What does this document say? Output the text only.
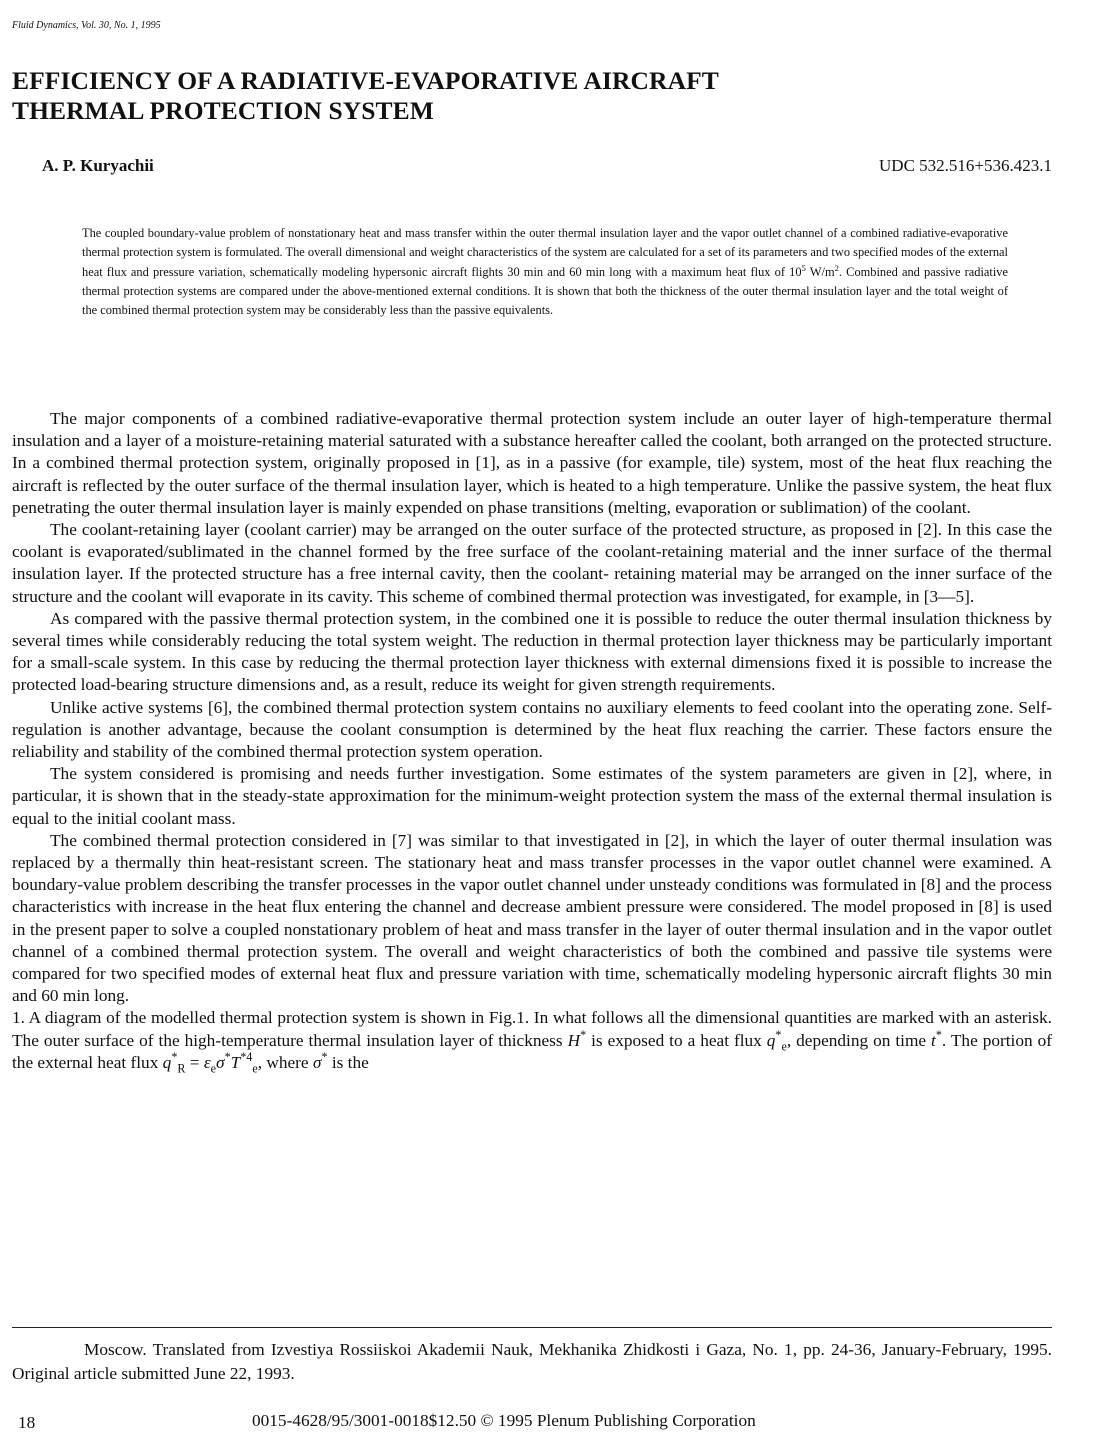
Fluid Dynamics, Vol. 30, No. 1, 1995
EFFICIENCY OF A RADIATIVE-EVAPORATIVE AIRCRAFT
THERMAL PROTECTION SYSTEM
A. P. Kuryachii	UDC 532.516+536.423.1

The coupled boundary-value problem of nonstationary heat and mass transfer within the outer thermal insulation layer and the vapor outlet channel of a combined radiative-evaporative thermal protection system is formulated. The overall dimensional and weight characteristics of the system are calculated for a set of its parameters and two specified modes of the external heat flux and pressure variation, schematically modeling hypersonic aircraft flights 30 min and 60 min long with a maximum heat flux of $10^5$ $W/m^2$. Combined and passive radiative thermal protection systems are compared under the above-mentioned external conditions. It is shown that both the thickness of the outer thermal insulation layer and the total weight of the combined thermal protection system may be considerably less than the passive equivalents.

The major components of a combined radiative-evaporative thermal protection system include an outer layer of high-temperature thermal insulation and a layer of a moisture-retaining material saturated with a substance hereafter called the coolant, both arranged on the protected structure. In a combined thermal protection system, originally proposed in [1], as in a passive (for example, tile) system, most of the heat flux reaching the aircraft is reflected by the outer surface of the thermal insulation layer, which is heated to a high temperature. Unlike the passive system, the heat flux penetrating the outer thermal insulation layer is mainly expended on phase transitions (melting, evaporation or sublimation) of the coolant.

The coolant-retaining layer (coolant carrier) may be arranged on the outer surface of the protected structure, as proposed in [2]. In this case the coolant is evaporated/sublimated in the channel formed by the free surface of the coolant-retaining material and the inner surface of the thermal insulation layer. If the protected structure has a free internal cavity, then the coolant- retaining material may be arranged on the inner surface of the structure and the coolant will evaporate in its cavity. This scheme of combined thermal protection was investigated, for example, in [3—5].

As compared with the passive thermal protection system, in the combined one it is possible to reduce the outer thermal insulation thickness by several times while considerably reducing the total system weight. The reduction in thermal protection layer thickness may be particularly important for a small-scale system. In this case by reducing the thermal protection layer thickness with external dimensions fixed it is possible to increase the protected load-bearing structure dimensions and, as a result, reduce its weight for given strength requirements.

Unlike active systems [6], the combined thermal protection system contains no auxiliary elements to feed coolant into the operating zone. Self-regulation is another advantage, because the coolant consumption is determined by the heat flux reaching the carrier. These factors ensure the reliability and stability of the combined thermal protection system operation.

The system considered is promising and needs further investigation. Some estimates of the system parameters are given in [2], where, in particular, it is shown that in the steady-state approximation for the minimum-weight protection system the mass of the external thermal insulation is equal to the initial coolant mass.

The combined thermal protection considered in [7] was similar to that investigated in [2], in which the layer of outer thermal insulation was replaced by a thermally thin heat-resistant screen. The stationary heat and mass transfer processes in the vapor outlet channel were examined. A boundary-value problem describing the transfer processes in the vapor outlet channel under unsteady conditions was formulated in [8] and the process characteristics with increase in the heat flux entering the channel and decrease ambient pressure were considered. The model proposed in [8] is used in the present paper to solve a coupled nonstationary problem of heat and mass transfer in the layer of outer thermal insulation and in the vapor outlet channel of a combined thermal protection system. The overall and weight characteristics of both the combined and passive tile systems were compared for two specified modes of external heat flux and pressure variation with time, schematically modeling hypersonic aircraft flights 30 min and 60 min long.

1. A diagram of the modelled thermal protection system is shown in Fig.1. In what follows all the dimensional quantities are marked with an asterisk. The outer surface of the high-temperature thermal insulation layer of thickness H* is exposed to a heat flux $q^*_e$, depending on time t*. The portion of the external heat flux $q^*_R = \varepsilon_e\sigma^*T^{*4}_e$, where σ* is the

Moscow. Translated from Izvestiya Rossiiskoi Akademii Nauk, Mekhanika Zhidkosti i Gaza, No. 1, pp. 24-36, January-February, 1995. Original article submitted June 22, 1993.

18	0015-4628/95/3001-0018$12.50 © 1995 Plenum Publishing Corporation
